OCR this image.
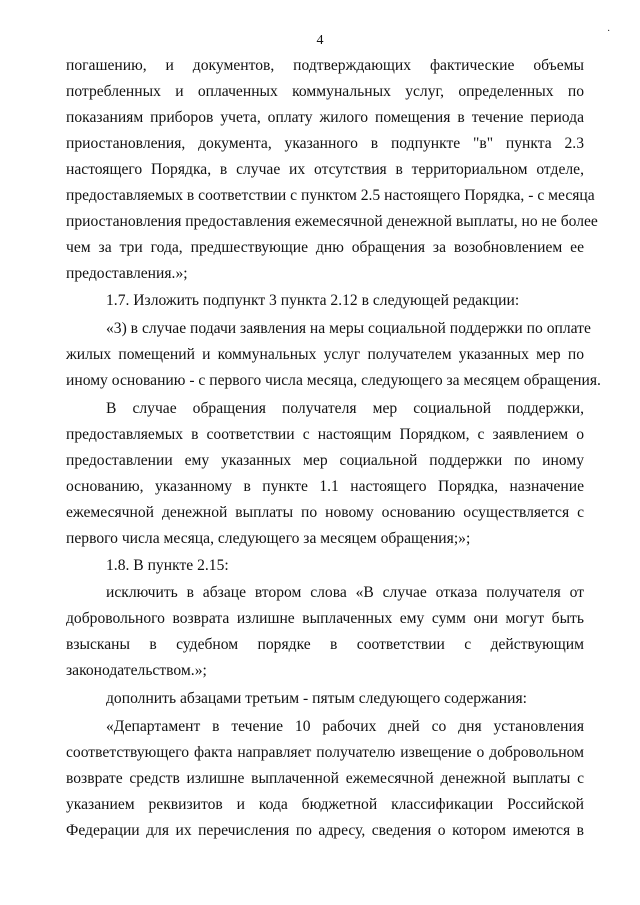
.
4
погашению, и документов, подтверждающих фактические объемы
потребленных и оплаченных коммунальных услуг, определенных по
показаниям приборов учета, оплату жилого помещения в течение периода
приостановления, документа, указанного в подпункте "в" пункта 2.3
настоящего Порядка, в случае их отсутствия в территориальном отделе,
предоставляемых в соответствии с пунктом 2.5 настоящего Порядка, - с месяца
приостановления предоставления ежемесячной денежной выплаты, но не более
чем за три года, предшествующие дню обращения за возобновлением ее
предоставления.»;
1.7. Изложить подпункт 3 пункта 2.12 в следующей редакции:
«3) в случае подачи заявления на меры социальной поддержки по оплате
жилых помещений и коммунальных услуг получателем указанных мер по
иному основанию - с первого числа месяца, следующего за месяцем обращения.
В случае обращения получателя мер социальной поддержки,
предоставляемых в соответствии с настоящим Порядком, с заявлением о
предоставлении ему указанных мер социальной поддержки по иному
основанию, указанному в пункте 1.1 настоящего Порядка, назначение
ежемесячной денежной выплаты по новому основанию осуществляется с
первого числа месяца, следующего за месяцем обращения;»;
1.8. В пункте 2.15:
исключить в абзаце втором слова «В случае отказа получателя от
добровольного возврата излишне выплаченных ему сумм они могут быть
взысканы в судебном порядке в соответствии с действующим
законодательством.»;
дополнить абзацами третьим - пятым следующего содержания:
«Департамент в течение 10 рабочих дней со дня установления
соответствующего факта направляет получателю извещение о добровольном
возврате средств излишне выплаченной ежемесячной денежной выплаты с
указанием реквизитов и кода бюджетной классификации Российской
Федерации для их перечисления по адресу, сведения о котором имеются в
